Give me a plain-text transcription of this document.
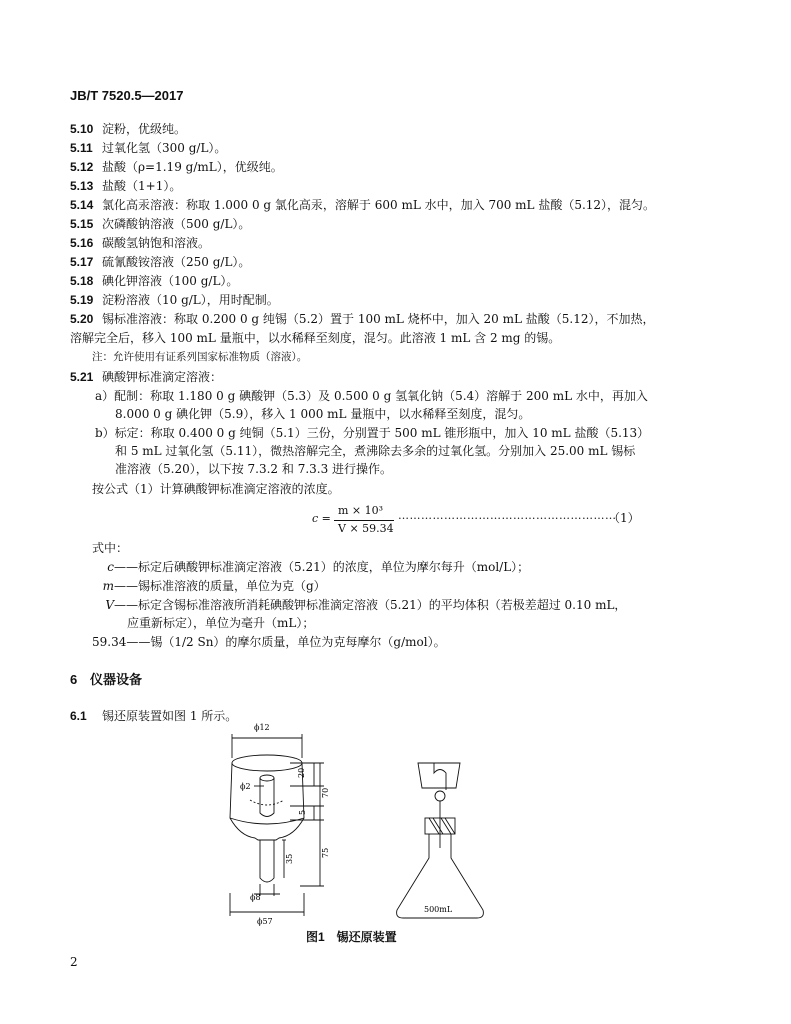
JB/T 7520.5—2017
5.10 淀粉，优级纯。
5.11 过氧化氢（300 g/L）。
5.12 盐酸（ρ=1.19 g/mL），优级纯。
5.13 盐酸（1+1）。
5.14 氯化高汞溶液：称取 1.000 0 g 氯化高汞，溶解于 600 mL 水中，加入 700 mL 盐酸（5.12），混匀。
5.15 次磷酸钠溶液（500 g/L）。
5.16 碳酸氢钠饱和溶液。
5.17 硫氰酸铵溶液（250 g/L）。
5.18 碘化钾溶液（100 g/L）。
5.19 淀粉溶液（10 g/L），用时配制。
5.20 锡标准溶液：称取 0.200 0 g 纯锡（5.2）置于 100 mL 烧杯中，加入 20 mL 盐酸（5.12），不加热，
溶解完全后，移入 100 mL 量瓶中，以水稀释至刻度，混匀。此溶液 1 mL 含 2 mg 的锡。
注：允许使用有证系列国家标准物质（溶液）。
5.21 碘酸钾标准滴定溶液：
a）配制：称取 1.180 0 g 碘酸钾（5.3）及 0.500 0 g 氢氧化钠（5.4）溶解于 200 mL 水中，再加入
8.000 0 g 碘化钾（5.9），移入 1 000 mL 量瓶中，以水稀释至刻度，混匀。
b）标定：称取 0.400 0 g 纯铜（5.1）三份，分别置于 500 mL 锥形瓶中，加入 10 mL 盐酸（5.13）
和 5 mL 过氧化氢（5.11），微热溶解完全，煮沸除去多余的过氧化氢。分别加入 25.00 mL 锡标
准溶液（5.20），以下按 7.3.2 和 7.3.3 进行操作。
按公式（1）计算碘酸钾标准滴定溶液的浓度。
c =
m × 10³
V × 59.34
…………………………………………………
（1）
式中：
c——标定后碘酸钾标准滴定溶液（5.21）的浓度，单位为摩尔每升（mol/L）；
m——锡标准溶液的质量，单位为克（g）
V——标定含锡标准溶液所消耗碘酸钾标准滴定溶液（5.21）的平均体积（若极差超过 0.10 mL，
应重新标定），单位为毫升（mL）；
59.34——锡（1/2 Sn）的摩尔质量，单位为克每摩尔（g/mol）。
6 仪器设备
6.1 锡还原装置如图 1 所示。
ϕ12
ϕ2
ϕ8
ϕ57
20
70
5
75
35
500mL
图1　锡还原装置
2
